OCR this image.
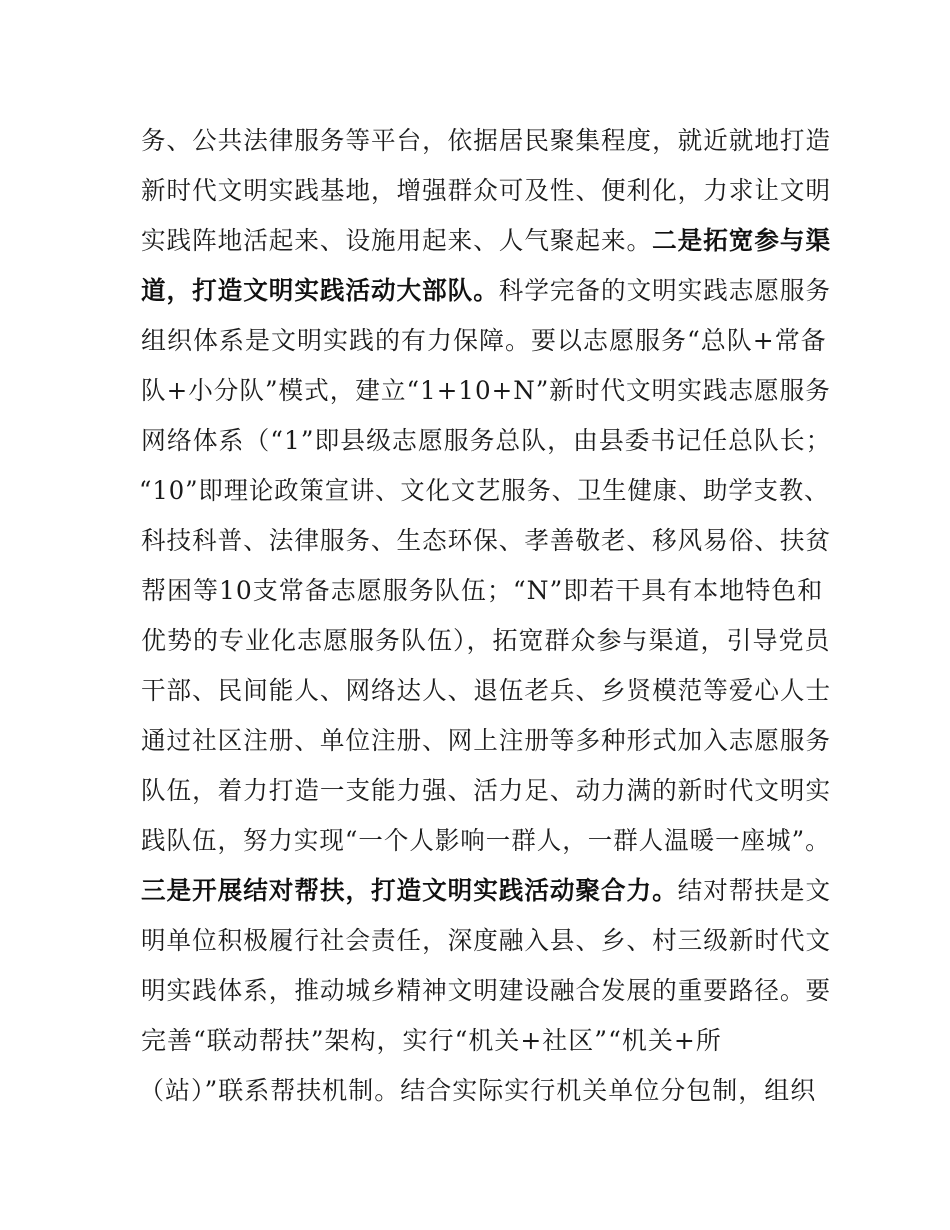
务、公共法律服务等平台，依据居民聚集程度，就近就地打造
新时代文明实践基地，增强群众可及性、便利化，力求让文明
实践阵地活起来、设施用起来、人气聚起来。二是拓宽参与渠
道，打造文明实践活动大部队。科学完备的文明实践志愿服务
组织体系是文明实践的有力保障。要以志愿服务“总队+常备
队+小分队”模式，建立“1+10+N”新时代文明实践志愿服务
网络体系（“1”即县级志愿服务总队，由县委书记任总队长；
“10”即理论政策宣讲、文化文艺服务、卫生健康、助学支教、
科技科普、法律服务、生态环保、孝善敬老、移风易俗、扶贫
帮困等10支常备志愿服务队伍；“N”即若干具有本地特色和
优势的专业化志愿服务队伍），拓宽群众参与渠道，引导党员
干部、民间能人、网络达人、退伍老兵、乡贤模范等爱心人士
通过社区注册、单位注册、网上注册等多种形式加入志愿服务
队伍，着力打造一支能力强、活力足、动力满的新时代文明实
践队伍，努力实现“一个人影响一群人，一群人温暖一座城”。
三是开展结对帮扶，打造文明实践活动聚合力。结对帮扶是文
明单位积极履行社会责任，深度融入县、乡、村三级新时代文
明实践体系，推动城乡精神文明建设融合发展的重要路径。要
完善“联动帮扶”架构，实行“机关+社区”“机关+所
（站）”联系帮扶机制。结合实际实行机关单位分包制，组织
